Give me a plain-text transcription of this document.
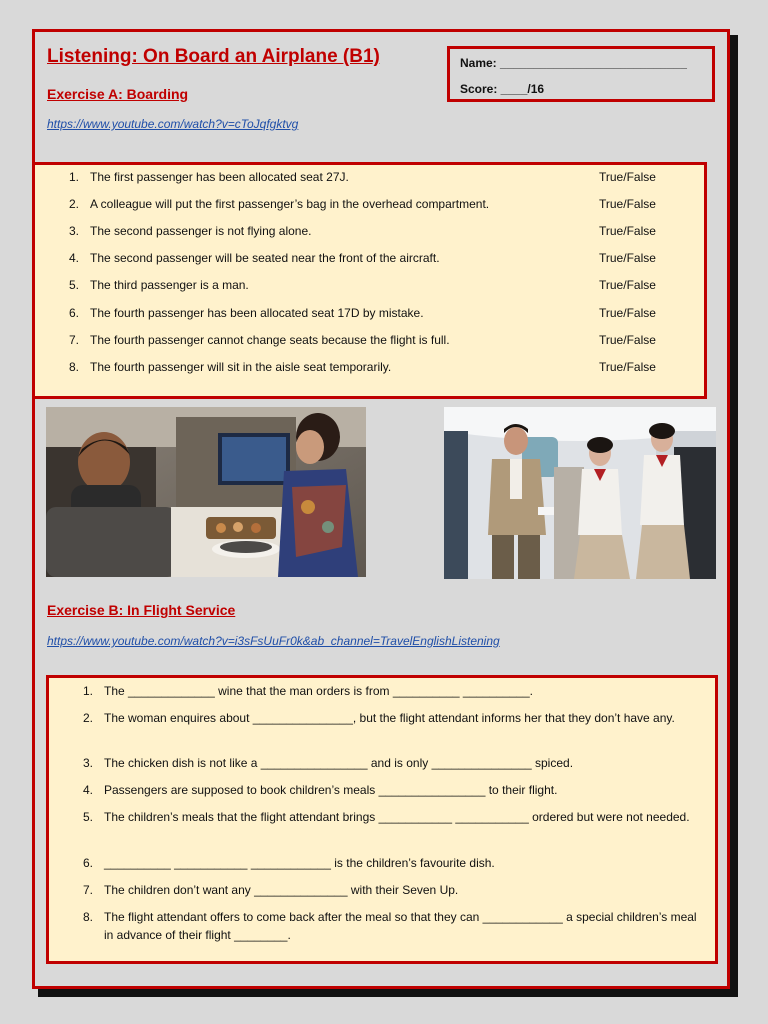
Listening: On Board an Airplane (B1)	Name: ____________________________
Score: ____/16
Exercise A: Boarding
https://www.youtube.com/watch?v=cToJqfgktvg
1. The first passenger has been allocated seat 27J.	True/False
2. A colleague will put the first passenger’s bag in the overhead compartment.	True/False
3. The second passenger is not flying alone.	True/False
4. The second passenger will be seated near the front of the aircraft.	True/False
5. The third passenger is a man.	True/False
6. The fourth passenger has been allocated seat 17D by mistake.	True/False
7. The fourth passenger cannot change seats because the flight is full.	True/False
8. The fourth passenger will sit in the aisle seat temporarily.	True/False
Exercise B: In Flight Service
https://www.youtube.com/watch?v=i3sFsUuFr0k&ab_channel=TravelEnglishListening
1. The _____________ wine that the man orders is from __________ __________.
2. The woman enquires about _______________, but the flight attendant informs her that they don’t have any.
3. The chicken dish is not like a ________________ and is only _______________ spiced.
4. Passengers are supposed to book children’s meals ________________ to their flight.
5. The children’s meals that the flight attendant brings ___________ ___________ ordered but were not needed.
6. __________ ___________ ____________ is the children’s favourite dish.
7. The children don’t want any ______________ with their Seven Up.
8. The flight attendant offers to come back after the meal so that they can ____________ a special children’s meal in advance of their flight ________.
